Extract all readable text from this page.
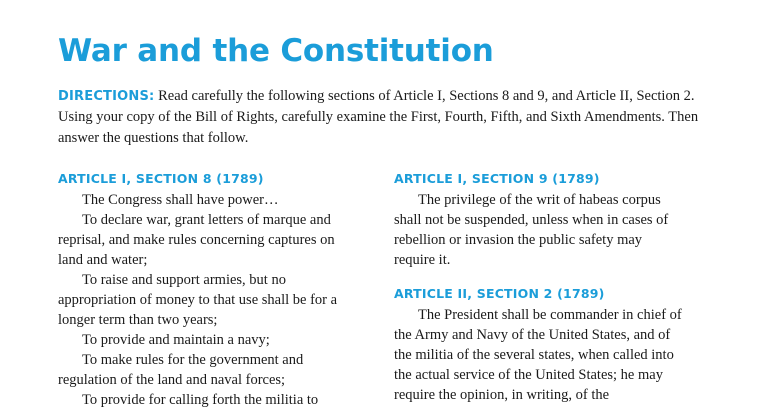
War and the Constitution

DIRECTIONS: Read carefully the following sections of Article I, Sections 8 and 9, and Article II, Section 2. Using your copy of the Bill of Rights, carefully examine the First, Fourth, Fifth, and Sixth Amendments. Then answer the questions that follow.

ARTICLE I, SECTION 8 (1789)

The Congress shall have power…

To declare war, grant letters of marque and reprisal, and make rules concerning captures on land and water;

To raise and support armies, but no appropriation of money to that use shall be for a longer term than two years;

To provide and maintain a navy;

To make rules for the government and regulation of the land and naval forces;

To provide for calling forth the militia to

ARTICLE I, SECTION 9 (1789)

The privilege of the writ of habeas corpus shall not be suspended, unless when in cases of rebellion or invasion the public safety may require it.

ARTICLE II, SECTION 2 (1789)

The President shall be commander in chief of the Army and Navy of the United States, and of the militia of the several states, when called into the actual service of the United States; he may require the opinion, in writing, of the
